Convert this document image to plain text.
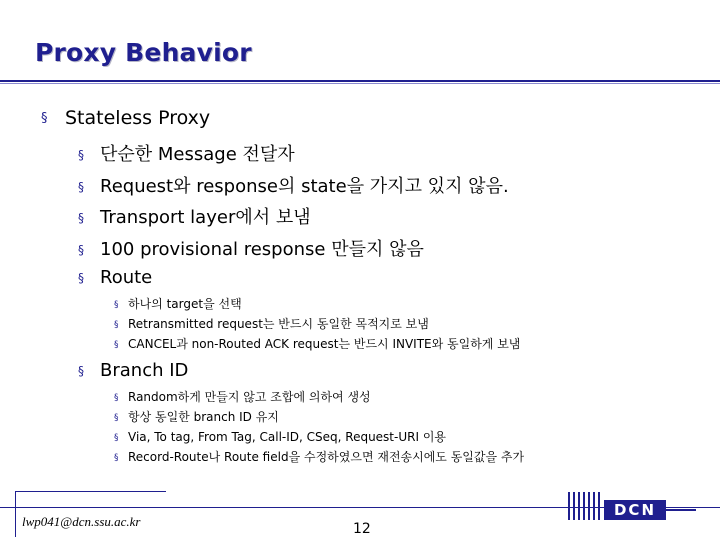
Proxy Behavior
§ Stateless Proxy
§ 단순한 Message 전달자
§ Request와 response의 state을 가지고 있지 않음.
§ Transport layer에서 보냄
§ 100 provisional response 만들지 않음
§ Route
§ 하나의 target을 선택
§ Retransmitted request는 반드시 동일한 목적지로 보냄
§ CANCEL과 non-Routed ACK request는 반드시 INVITE와 동일하게 보냄
§ Branch ID
§ Random하게 만들지 않고 조합에 의하여 생성
§ 항상 동일한 branch ID 유지
§ Via, To tag, From Tag, Call-ID, CSeq, Request-URI 이용
§ Record-Route나 Route field을 수정하였으면 재전송시에도 동일값을 추가
lwp041@dcn.ssu.ac.kr	12
DCN
